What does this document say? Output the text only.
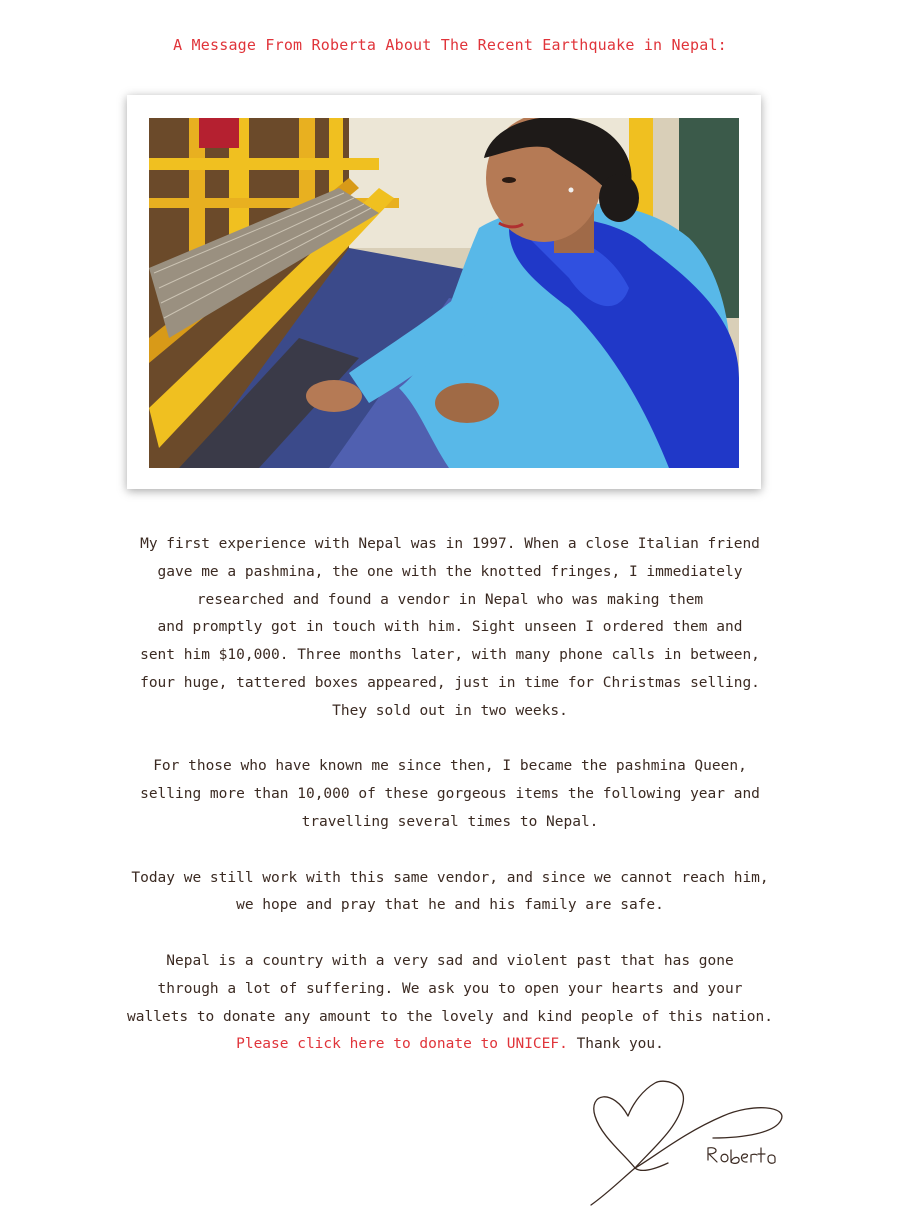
A Message From Roberta About The Recent Earthquake in Nepal:

My first experience with Nepal was in 1997. When a close Italian friend
gave me a pashmina, the one with the knotted fringes, I immediately
researched and found a vendor in Nepal who was making them
and promptly got in touch with him. Sight unseen I ordered them and
sent him $10,000. Three months later, with many phone calls in between,
four huge, tattered boxes appeared, just in time for Christmas selling.
They sold out in two weeks.

For those who have known me since then, I became the pashmina Queen,
selling more than 10,000 of these gorgeous items the following year and
travelling several times to Nepal.

Today we still work with this same vendor, and since we cannot reach him,
we hope and pray that he and his family are safe.

Nepal is a country with a very sad and violent past that has gone
through a lot of suffering. We ask you to open your hearts and your
wallets to donate any amount to the lovely and kind people of this nation.
Please click here to donate to UNICEF. Thank you.
